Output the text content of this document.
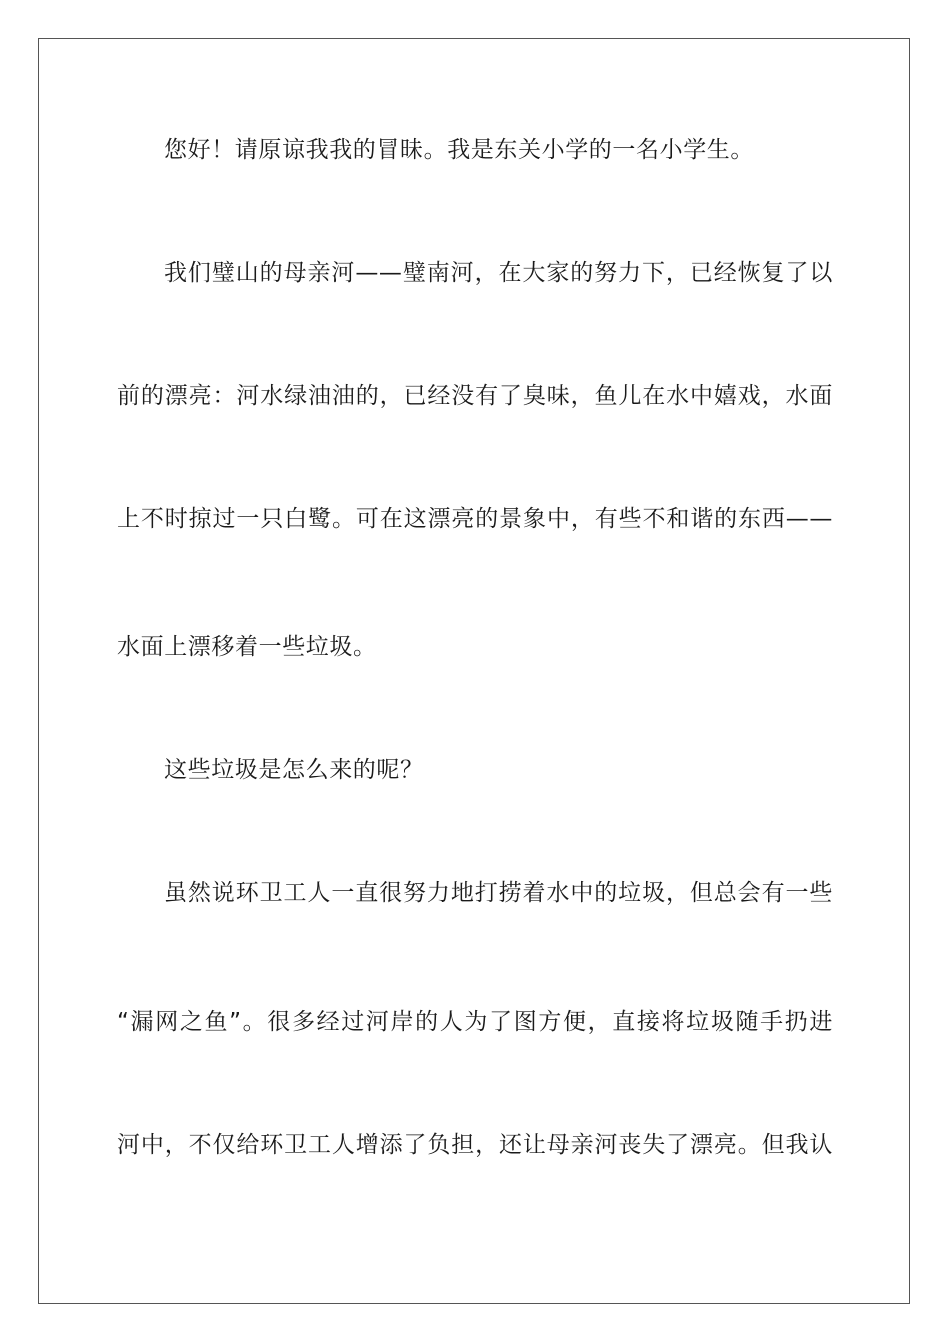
您好！请原谅我我的冒昧。我是东关小学的一名小学生。
我们璧山的母亲河——璧南河，在大家的努力下，已经恢复了以
前的漂亮：河水绿油油的，已经没有了臭味，鱼儿在水中嬉戏，水面
上不时掠过一只白鹭。可在这漂亮的景象中，有些不和谐的东西——
水面上漂移着一些垃圾。
这些垃圾是怎么来的呢？
虽然说环卫工人一直很努力地打捞着水中的垃圾，但总会有一些
“漏网之鱼”。很多经过河岸的人为了图方便，直接将垃圾随手扔进
河中，不仅给环卫工人增添了负担，还让母亲河丧失了漂亮。但我认
